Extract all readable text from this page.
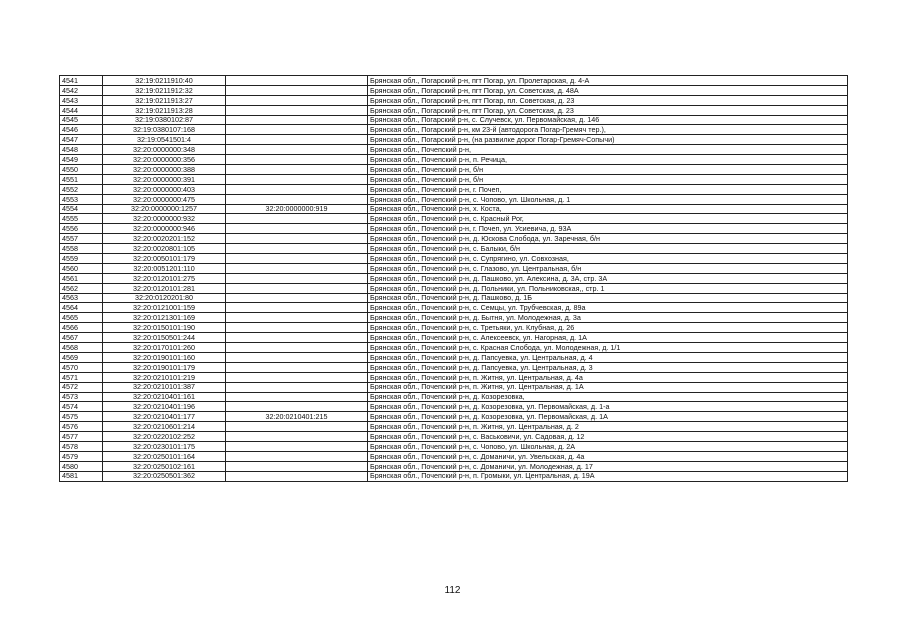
4541	32:19:0211910:40		Брянская обл., Погарский р-н, пгт Погар, ул. Пролетарская, д. 4-А
4542	32:19:0211912:32		Брянская обл., Погарский р-н, пгт Погар, ул. Советская, д. 48А
4543	32:19:0211913:27		Брянская обл., Погарский р-н, пгт Погар, пл. Советская, д. 23
4544	32:19:0211913:28		Брянская обл., Погарский р-н, пгт Погар, ул. Советская, д. 23
4545	32:19:0380102:87		Брянская обл., Погарский р-н, с. Случевск, ул. Первомайская, д. 146
4546	32:19:0380107:168		Брянская обл., Погарский р-н, км 23-й (автодорога Погар-Гремяч тер.),
4547	32:19:0541501:4		Брянская обл., Погарский р-н, (на развилке дорог Погар-Гремяч-Сопычи)
4548	32:20:0000000:348		Брянская обл., Почепский р-н,
4549	32:20:0000000:356		Брянская обл., Почепский р-н, п. Речица,
4550	32:20:0000000:388		Брянская обл., Почепский р-н, б/н
4551	32:20:0000000:391		Брянская обл., Почепский р-н, б/н
4552	32:20:0000000:403		Брянская обл., Почепский р-н, г. Почеп,
4553	32:20:0000000:475		Брянская обл., Почепский р-н, с. Чопово, ул. Школьная, д. 1
4554	32:20:0000000:1257	32:20:0000000:919	Брянская обл., Почепский р-н, х. Коста,
4555	32:20:0000000:932		Брянская обл., Почепский р-н, с. Красный Рог,
4556	32:20:0000000:946		Брянская обл., Почепский р-н, г. Почеп, ул. Усиевича, д. 93А
4557	32:20:0020201:152		Брянская обл., Почепский р-н, д. Юскова Слобода, ул. Заречная, б/н
4558	32:20:0020801:105		Брянская обл., Почепский р-н, с. Балыки, б/н
4559	32:20:0050101:179		Брянская обл., Почепский р-н, с. Супрягино, ул. Совхозная,
4560	32:20:0051201:110		Брянская обл., Почепский р-н, с. Глазово, ул. Центральная, б/н
4561	32:20:0120101:275		Брянская обл., Почепский р-н, д. Пашково, ул. Алексина, д. 3А, стр. 3А
4562	32:20:0120101:281		Брянская обл., Почепский р-н, д. Польники, ул. Польниковская,, стр. 1
4563	32:20:0120201:80		Брянская обл., Почепский р-н, д. Пашково, д. 1Б
4564	32:20:0121001:159		Брянская обл., Почепский р-н, с. Семцы, ул. Трубчевская, д. 89а
4565	32:20:0121301:169		Брянская обл., Почепский р-н, д. Бытня, ул. Молодежная, д. 3а
4566	32:20:0150101:190		Брянская обл., Почепский р-н, с. Третьяки, ул. Клубная, д. 26
4567	32:20:0150501:244		Брянская обл., Почепский р-н, с. Алексеевск, ул. Нагорная, д. 1А
4568	32:20:0170101:260		Брянская обл., Почепский р-н, с. Красная Слобода, ул. Молодежная, д. 1/1
4569	32:20:0190101:160		Брянская обл., Почепский р-н, д. Папсуевка, ул. Центральная, д. 4
4570	32:20:0190101:179		Брянская обл., Почепский р-н, д. Папсуевка, ул. Центральная, д. 3
4571	32:20:0210101:219		Брянская обл., Почепский р-н, п. Житня, ул. Центральная, д. 4а
4572	32:20:0210101:387		Брянская обл., Почепский р-н, п. Житня, ул. Центральная, д. 1А
4573	32:20:0210401:161		Брянская обл., Почепский р-н, д. Козорезовка,
4574	32:20:0210401:196		Брянская обл., Почепский р-н, д. Козорезовка, ул. Первомайская, д. 1-а
4575	32:20:0210401:177	32:20:0210401:215	Брянская обл., Почепский р-н, д. Козорезовка, ул. Первомайская, д. 1А
4576	32:20:0210601:214		Брянская обл., Почепский р-н, п. Житня, ул. Центральная, д. 2
4577	32:20:0220102:252		Брянская обл., Почепский р-н, с. Васьковичи, ул. Садовая, д. 12
4578	32:20:0230101:175		Брянская обл., Почепский р-н, с. Чопово, ул. Школьная, д. 2А
4579	32:20:0250101:164		Брянская обл., Почепский р-н, с. Доманичи, ул. Увельская, д. 4а
4580	32:20:0250102:161		Брянская обл., Почепский р-н, с. Доманичи, ул. Молодежная, д. 17
4581	32:20:0250501:362		Брянская обл., Почепский р-н, п. Громыки, ул. Центральная, д. 19А
112
